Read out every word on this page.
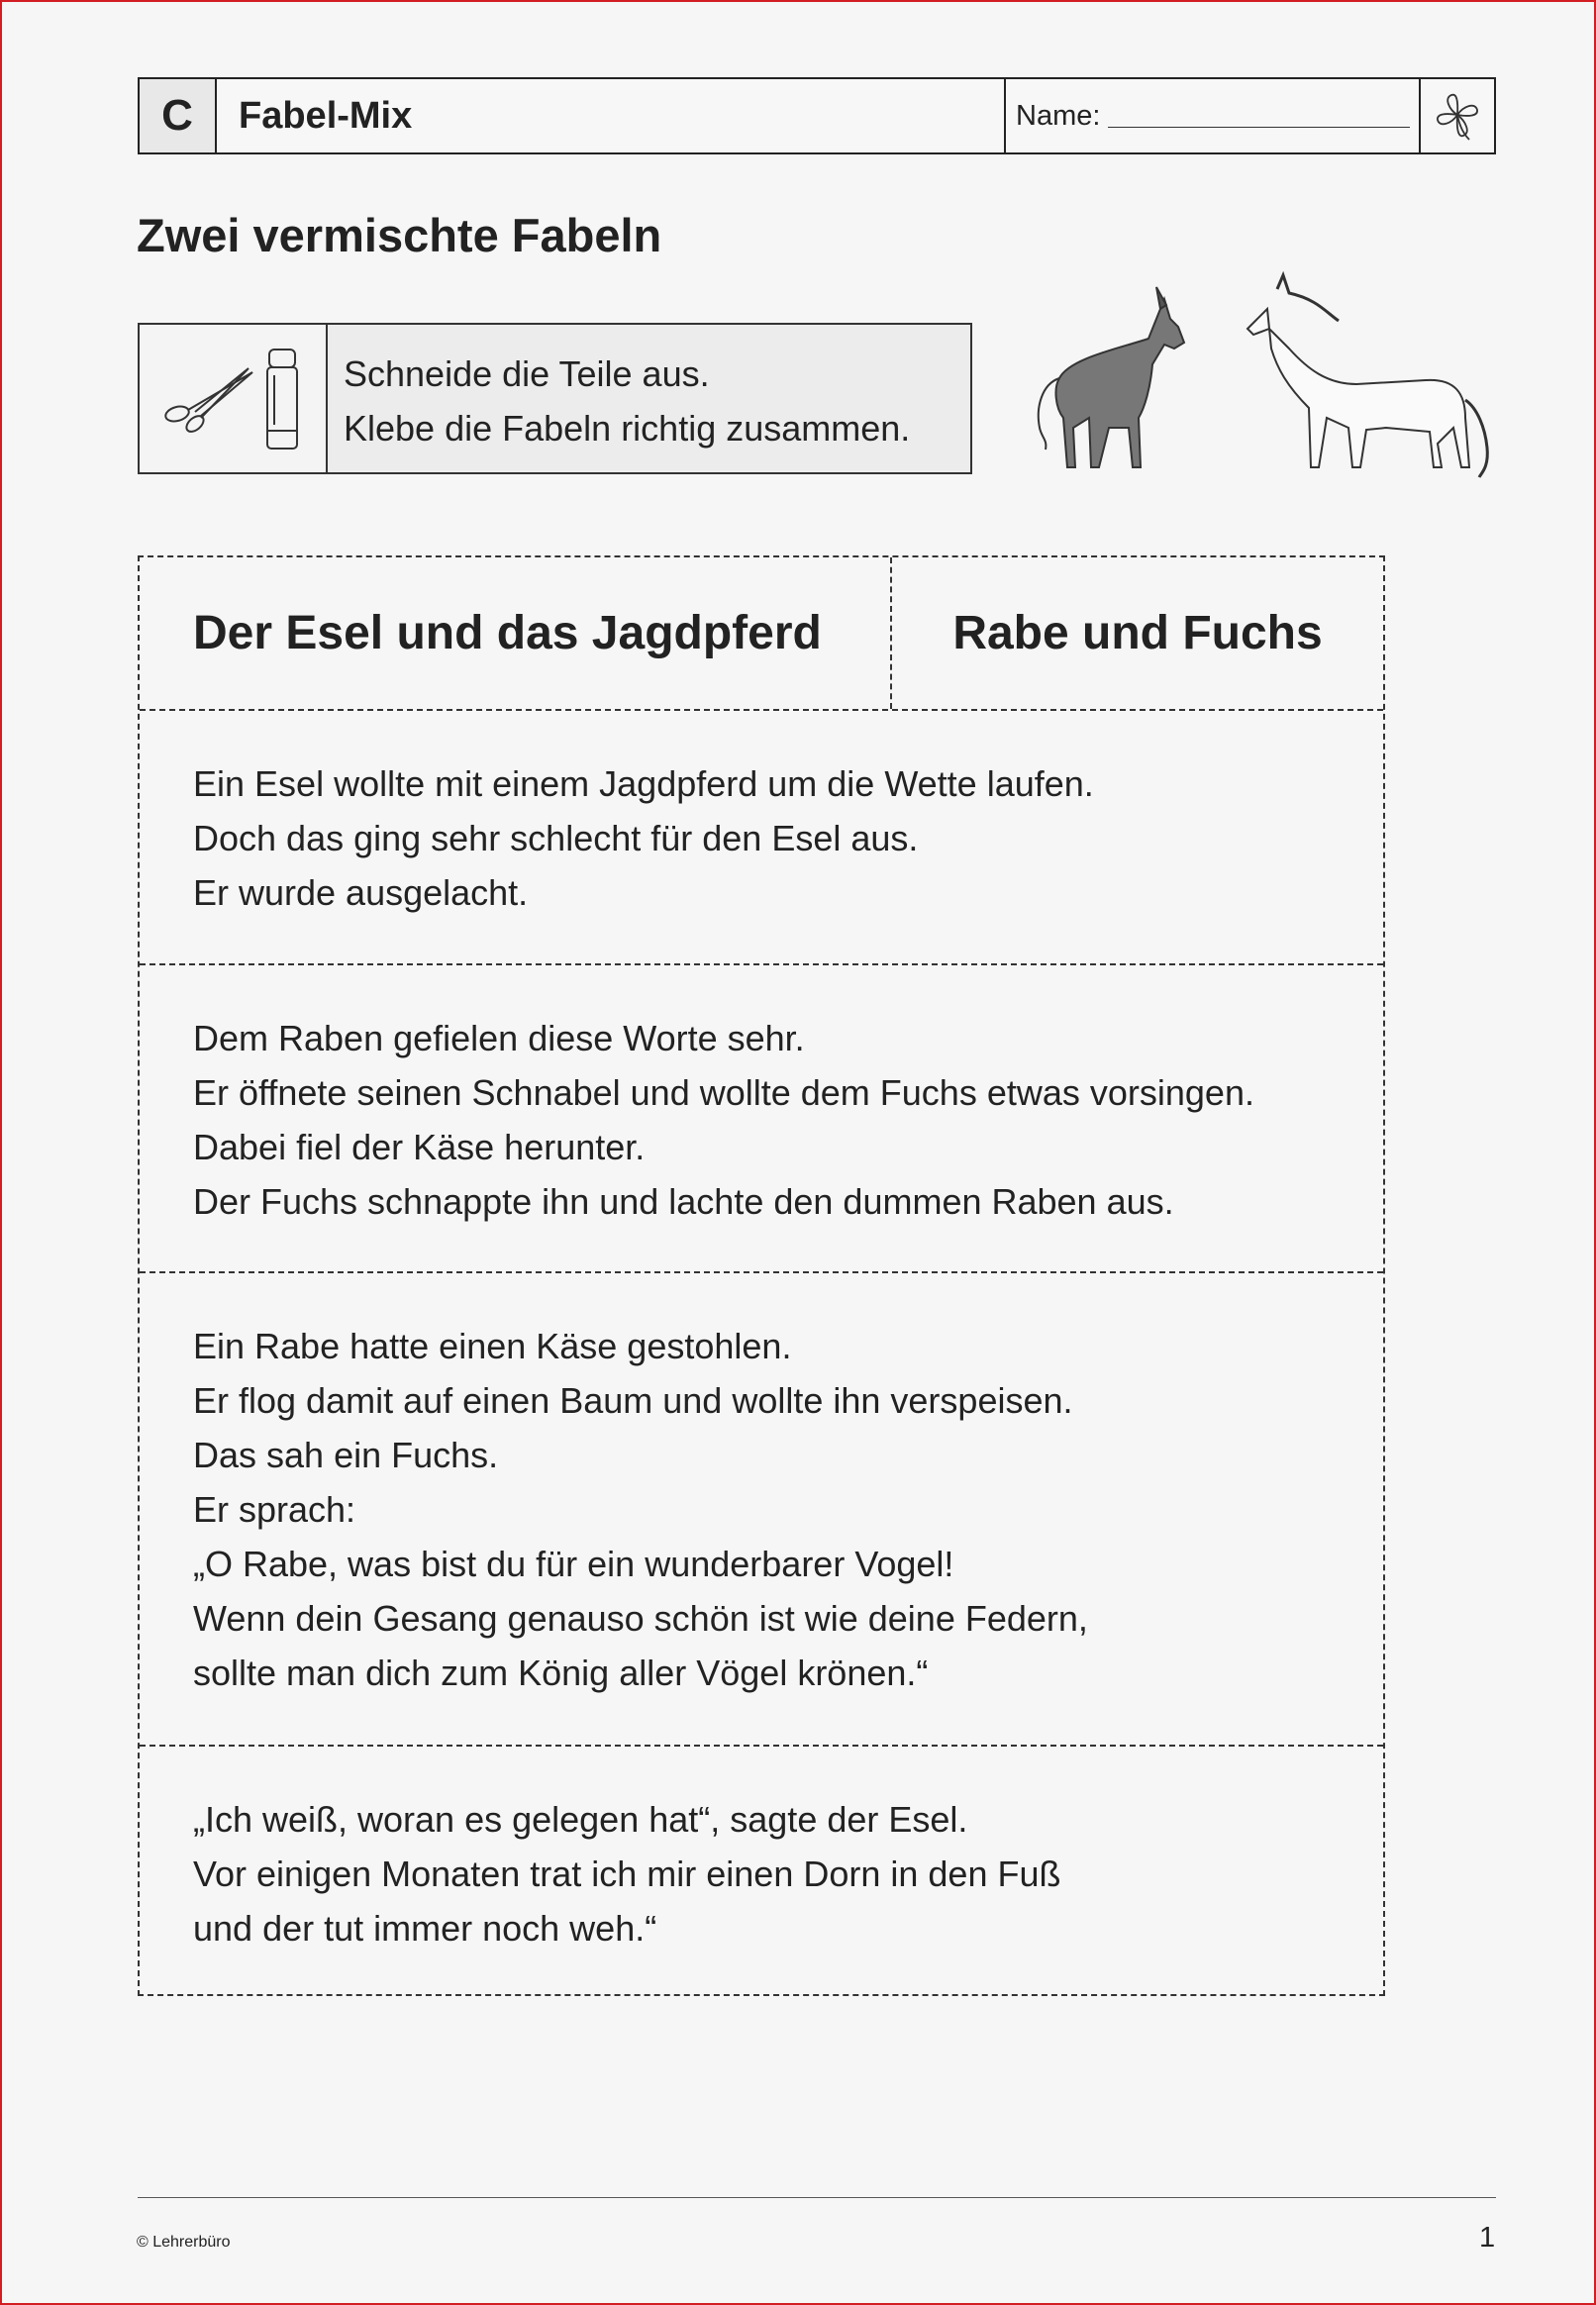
C	Fabel-Mix	Name:
Zwei vermischte Fabeln
Schneide die Teile aus.
Klebe die Fabeln richtig zusammen.
Der Esel und das Jagdpferd	Rabe und Fuchs
Ein Esel wollte mit einem Jagdpferd um die Wette laufen.
Doch das ging sehr schlecht für den Esel aus.
Er wurde ausgelacht.
Dem Raben gefielen diese Worte sehr.
Er öffnete seinen Schnabel und wollte dem Fuchs etwas vorsingen.
Dabei fiel der Käse herunter.
Der Fuchs schnappte ihn und lachte den dummen Raben aus.
Ein Rabe hatte einen Käse gestohlen.
Er flog damit auf einen Baum und wollte ihn verspeisen.
Das sah ein Fuchs.
Er sprach:
„O Rabe, was bist du für ein wunderbarer Vogel!
Wenn dein Gesang genauso schön ist wie deine Federn,
sollte man dich zum König aller Vögel krönen.“
„Ich weiß, woran es gelegen hat“, sagte der Esel.
Vor einigen Monaten trat ich mir einen Dorn in den Fuß
und der tut immer noch weh.“
© Lehrerbüro	1
